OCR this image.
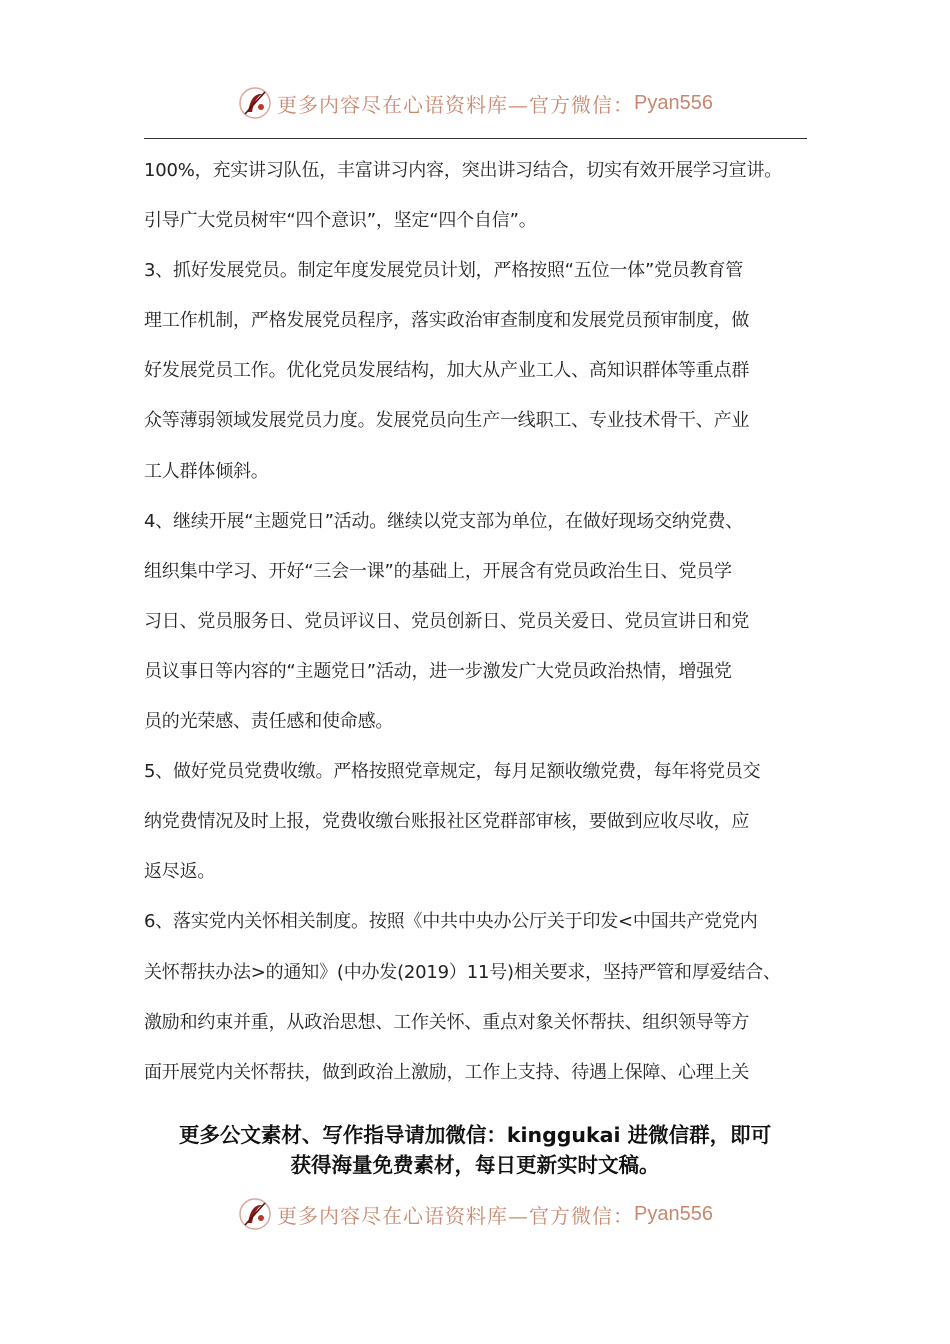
更多内容尽在心语资料库—官方微信： Pyan556
100%，充实讲习队伍，丰富讲习内容，突出讲习结合，切实有效开展学习宣讲。
引导广大党员树牢“四个意识”，坚定“四个自信”。
3、抓好发展党员。制定年度发展党员计划，严格按照“五位一体”党员教育管
理工作机制，严格发展党员程序，落实政治审查制度和发展党员预审制度，做
好发展党员工作。优化党员发展结构，加大从产业工人、高知识群体等重点群
众等薄弱领域发展党员力度。发展党员向生产一线职工、专业技术骨干、产业
工人群体倾斜。
4、继续开展“主题党日”活动。继续以党支部为单位，在做好现场交纳党费、
组织集中学习、开好“三会一课”的基础上，开展含有党员政治生日、党员学
习日、党员服务日、党员评议日、党员创新日、党员关爱日、党员宣讲日和党
员议事日等内容的“主题党日”活动，进一步激发广大党员政治热情，增强党
员的光荣感、责任感和使命感。
5、做好党员党费收缴。严格按照党章规定，每月足额收缴党费，每年将党员交
纳党费情况及时上报，党费收缴台账报社区党群部审核，要做到应收尽收，应
返尽返。
6、落实党内关怀相关制度。按照《中共中央办公厅关于印发<中国共产党党内
关怀帮扶办法>的通知》(中办发(2019）11号)相关要求，坚持严管和厚爱结合、
激励和约束并重，从政治思想、工作关怀、重点对象关怀帮扶、组织领导等方
面开展党内关怀帮扶，做到政治上激励，工作上支持、待遇上保障、心理上关
更多公文素材、写作指导请加微信：kinggukai 进微信群，即可
获得海量免费素材，每日更新实时文稿。
更多内容尽在心语资料库—官方微信： Pyan556
